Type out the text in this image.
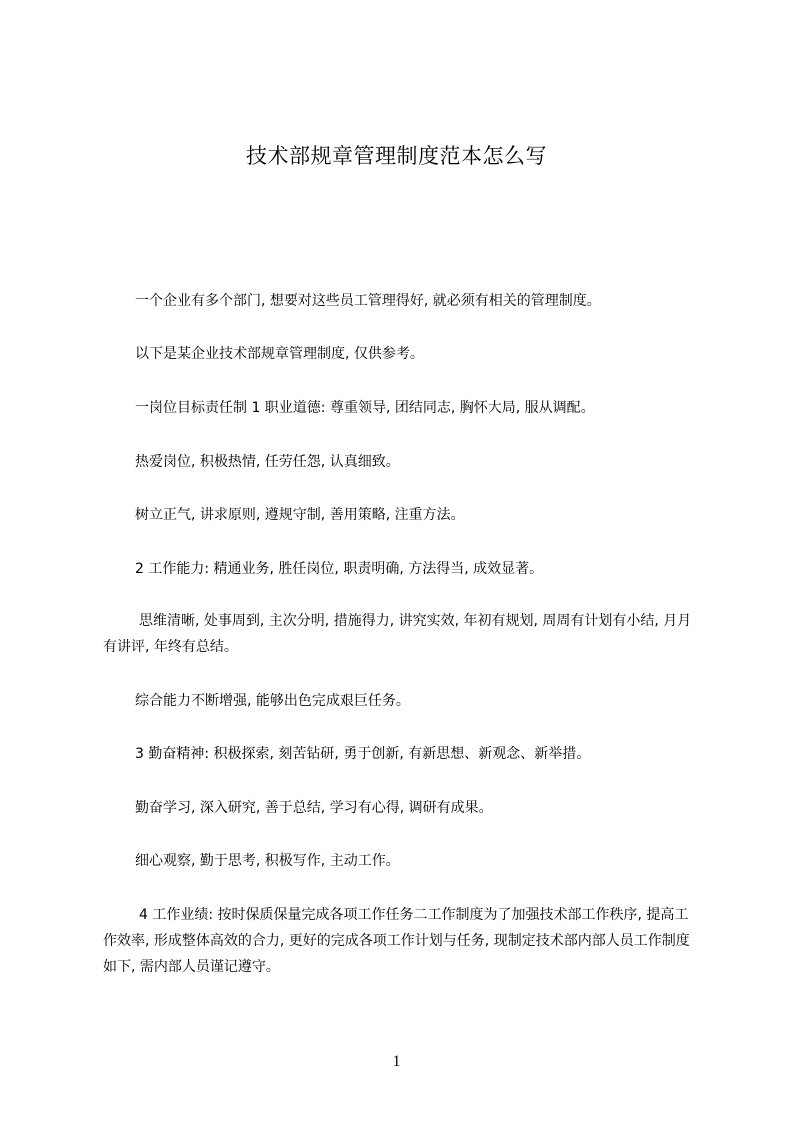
技术部规章管理制度范本怎么写

一个企业有多个部门, 想要对这些员工管理得好, 就必须有相关的管理制度。

以下是某企业技术部规章管理制度, 仅供参考。

一岗位目标责任制 1 职业道德: 尊重领导, 团结同志, 胸怀大局, 服从调配。

热爱岗位, 积极热情, 任劳任怨, 认真细致。

树立正气, 讲求原则, 遵规守制, 善用策略, 注重方法。

2 工作能力: 精通业务, 胜任岗位, 职责明确, 方法得当, 成效显著。

思维清晰, 处事周到, 主次分明, 措施得力, 讲究实效, 年初有规划, 周周有计划有小结, 月月有讲评, 年终有总结。

综合能力不断增强, 能够出色完成艰巨任务。

3 勤奋精神: 积极探索, 刻苦钻研, 勇于创新, 有新思想、新观念、新举措。

勤奋学习, 深入研究, 善于总结, 学习有心得, 调研有成果。

细心观察, 勤于思考, 积极写作, 主动工作。

4 工作业绩: 按时保质保量完成各项工作任务二工作制度为了加强技术部工作秩序, 提高工作效率, 形成整体高效的合力, 更好的完成各项工作计划与任务, 现制定技术部内部人员工作制度如下, 需内部人员谨记遵守。

1
